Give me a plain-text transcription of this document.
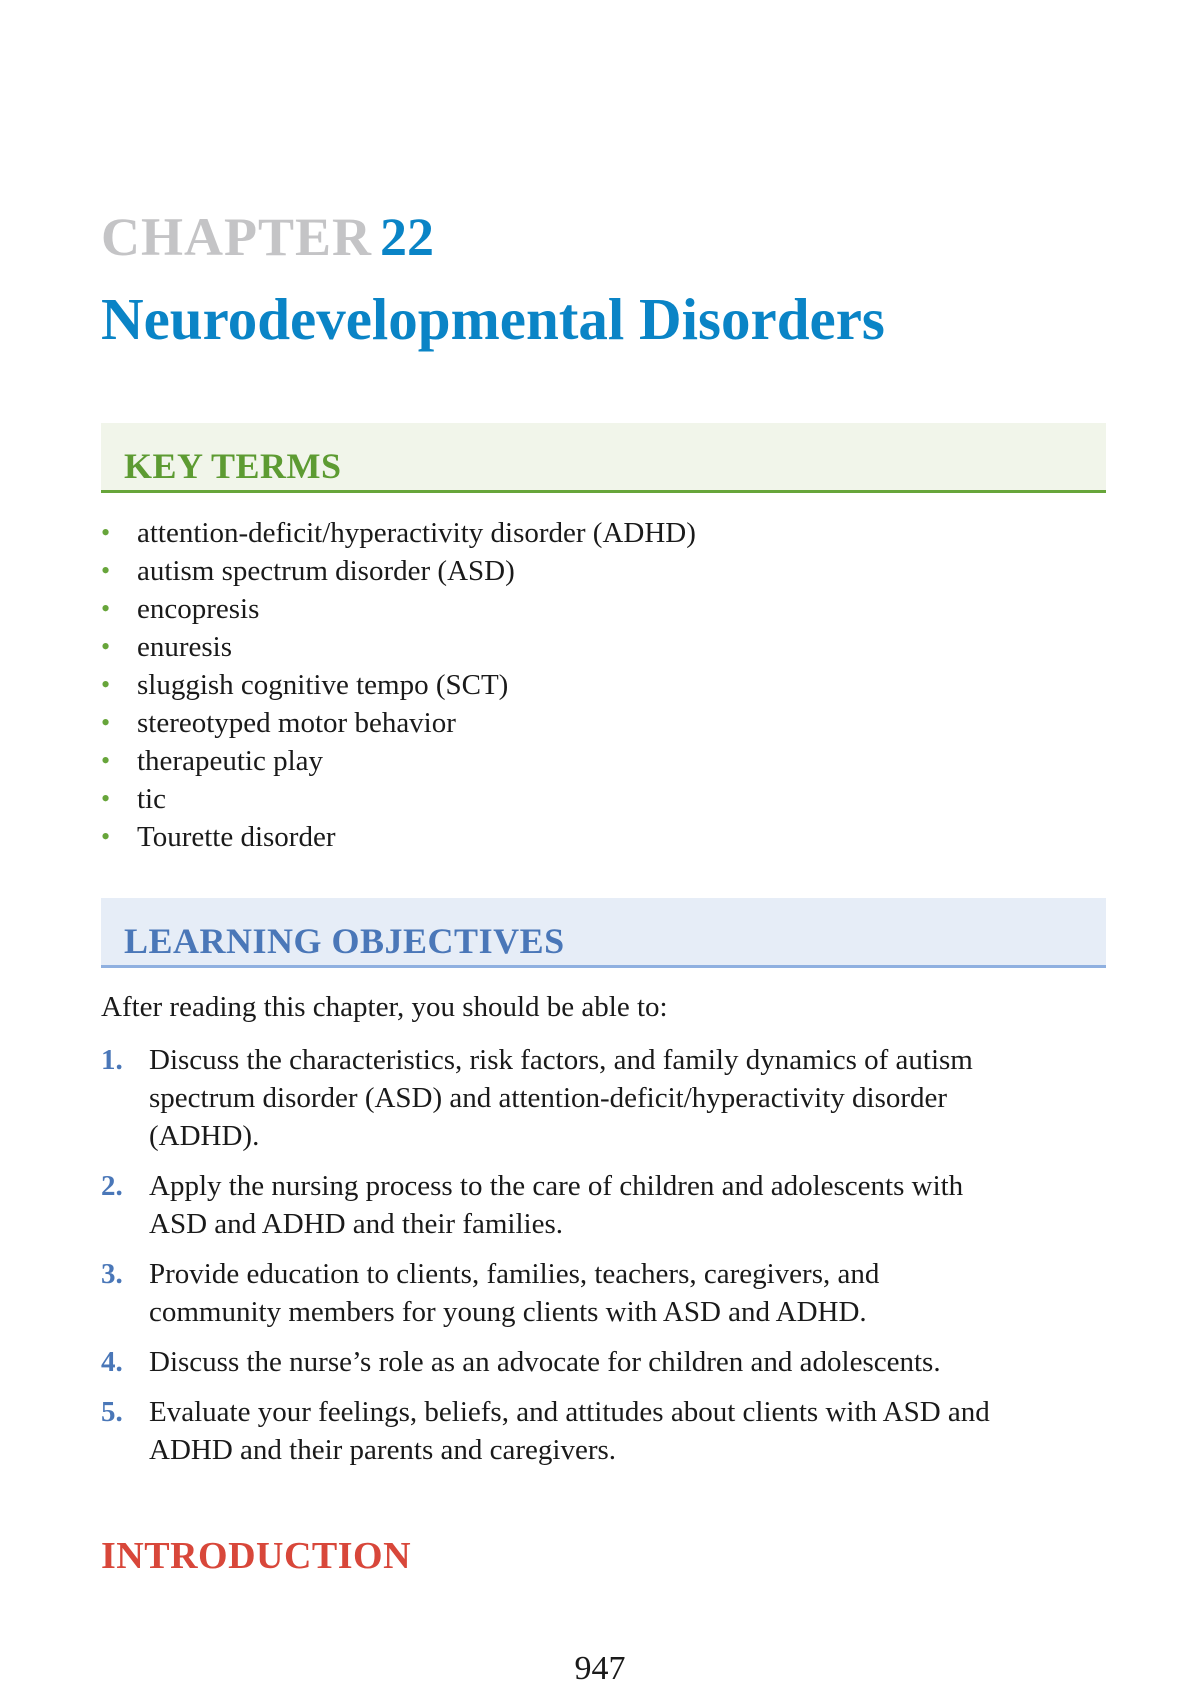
CHAPTER 22
Neurodevelopmental Disorders
KEY TERMS
• attention-deficit/hyperactivity disorder (ADHD)
• autism spectrum disorder (ASD)
• encopresis
• enuresis
• sluggish cognitive tempo (SCT)
• stereotyped motor behavior
• therapeutic play
• tic
• Tourette disorder
LEARNING OBJECTIVES
After reading this chapter, you should be able to:
1. Discuss the characteristics, risk factors, and family dynamics of autism
spectrum disorder (ASD) and attention-deficit/hyperactivity disorder
(ADHD).
2. Apply the nursing process to the care of children and adolescents with
ASD and ADHD and their families.
3. Provide education to clients, families, teachers, caregivers, and
community members for young clients with ASD and ADHD.
4. Discuss the nurse’s role as an advocate for children and adolescents.
5. Evaluate your feelings, beliefs, and attitudes about clients with ASD and
ADHD and their parents and caregivers.
INTRODUCTION
947
